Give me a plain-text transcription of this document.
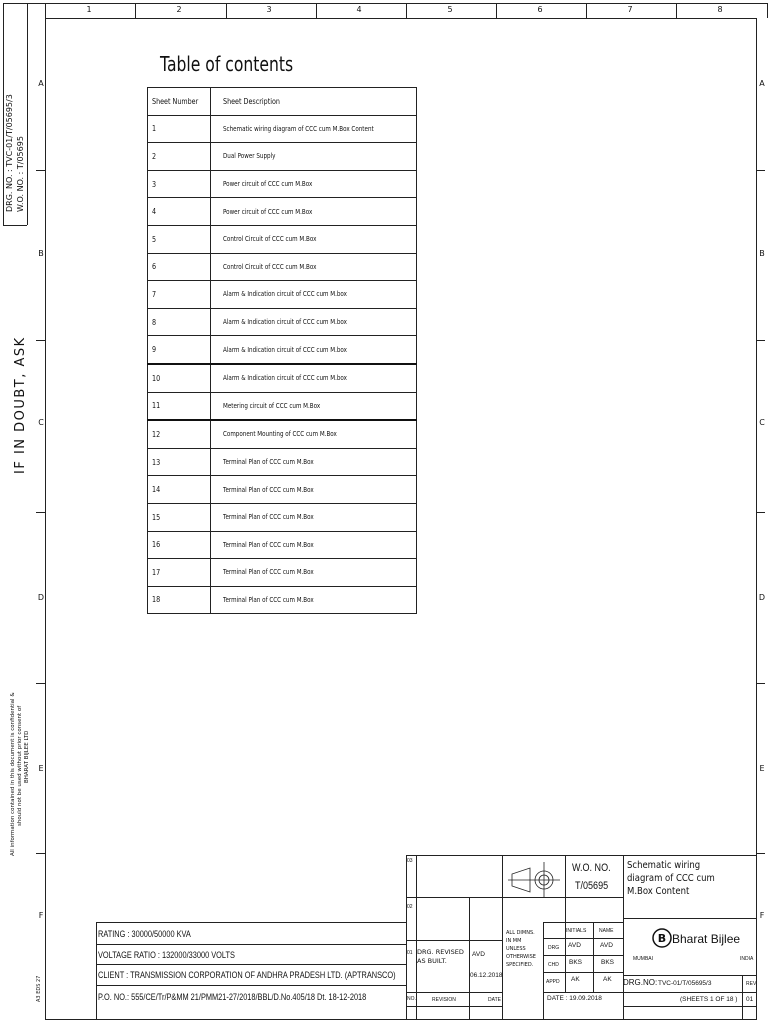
1	2	3	4	5	6	7	8
A	A
B	B
C	C
D	D
E	E
F	F
DRG. NO. : TVC-01/T/05695/3 W.O. NO. : T/05695
IF IN DOUBT, ASK
All information contained in this document is confidential & should not be used without prior consent of BHARAT BIJLEE LTD
A3 EDS 27
Table of contents
Sheet Number	Sheet Description
1	Schematic wiring diagram of CCC cum M.Box Content
2	Dual Power Supply
3	Power circuit of CCC cum M.Box
4	Power circuit of CCC cum M.Box
5	Control Circuit of CCC cum M.Box
6	Control Circuit of CCC cum M.Box
7	Alarm & Indication circuit of CCC cum M.box
8	Alarm & Indication circuit of CCC cum M.box
9	Alarm & Indication circuit of CCC cum M.box
10	Alarm & Indication circuit of CCC cum M.box
11	Metering circuit of CCC cum M.Box
12	Component Mounting of CCC cum M.Box
13	Terminal Plan of CCC cum M.Box
14	Terminal Plan of CCC cum M.Box
15	Terminal Plan of CCC cum M.Box
16	Terminal Plan of CCC cum M.Box
17	Terminal Plan of CCC cum M.Box
18	Terminal Plan of CCC cum M.Box
RATING : 30000/50000 KVA
VOLTAGE RATIO : 132000/33000 VOLTS
CLIENT : TRANSMISSION CORPORATION OF ANDHRA PRADESH LTD. (APTRANSCO)
P.O. NO.: 555/CE/Tr/P&MM 21/PMM21-27/2018/BBL/D.No.405/18 Dt. 18-12-2018
03
02
01
NO.
DRG. REVISED AS BUILT.
AVD
06.12.2018
REVISION	DATE
ALL DIMNS. IN MM UNLESS OTHERWISE SPECIFIED.
INITIALS	NAME
DRG
CHD
APPD
AVD	AVD
BKS	BKS
AK	AK
DATE : 19.09.2018
W.O. NO.
T/05695
Schematic wiring diagram of CCC cum M.Box Content
B Bharat Bijlee
MUMBAI	INDIA
DRG.NO: TVC-01/T/05695/3
(SHEETS 1 OF 18 )
REV
01
